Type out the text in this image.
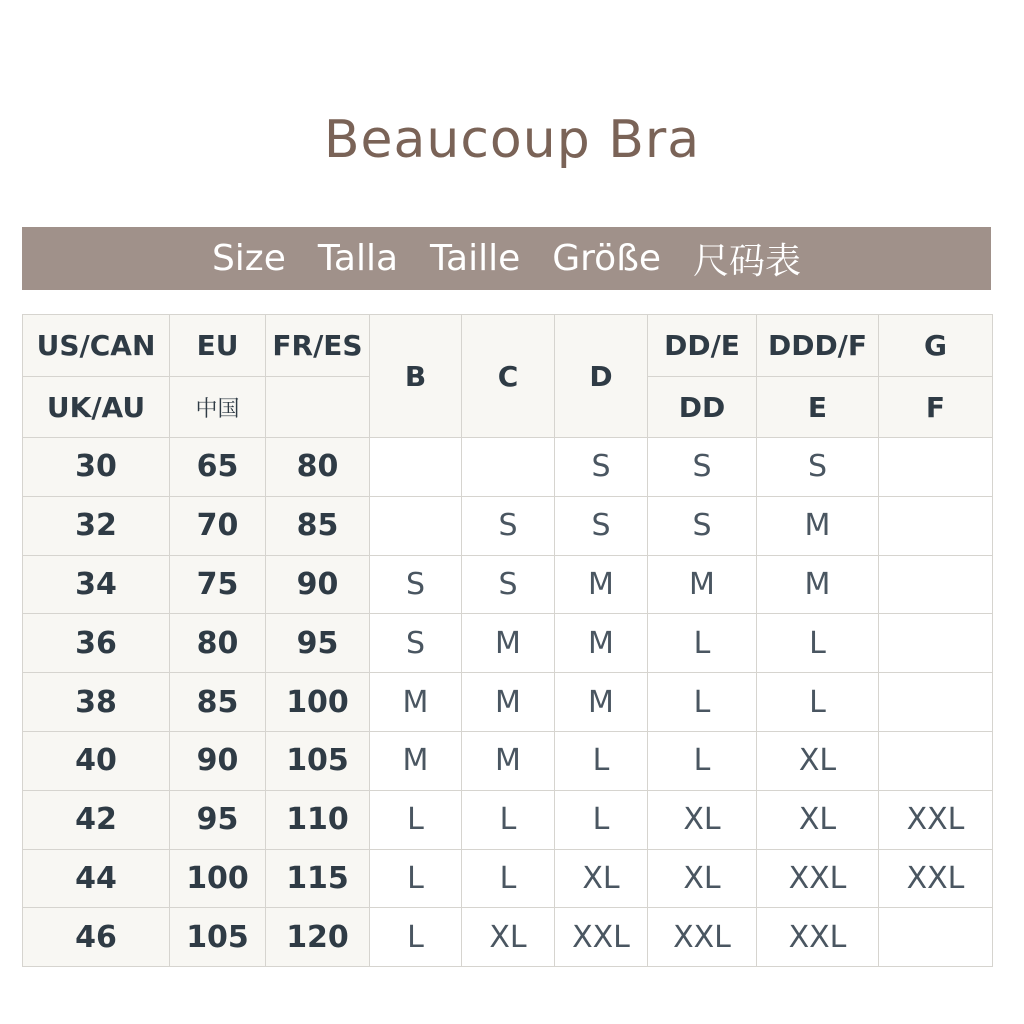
Beaucoup Bra
Size Talla Taille Größe 尺码表
US/CAN	EU	FR/ES	B	C	D	DD/E	DDD/F	G
UK/AU	中国					DD	E	F
30	65	80			S	S	S	
32	70	85		S	S	S	M	
34	75	90	S	S	M	M	M	
36	80	95	S	M	M	L	L	
38	85	100	M	M	M	L	L	
40	90	105	M	M	L	L	XL	
42	95	110	L	L	L	XL	XL	XXL
44	100	115	L	L	XL	XL	XXL	XXL
46	105	120	L	XL	XXL	XXL	XXL	
